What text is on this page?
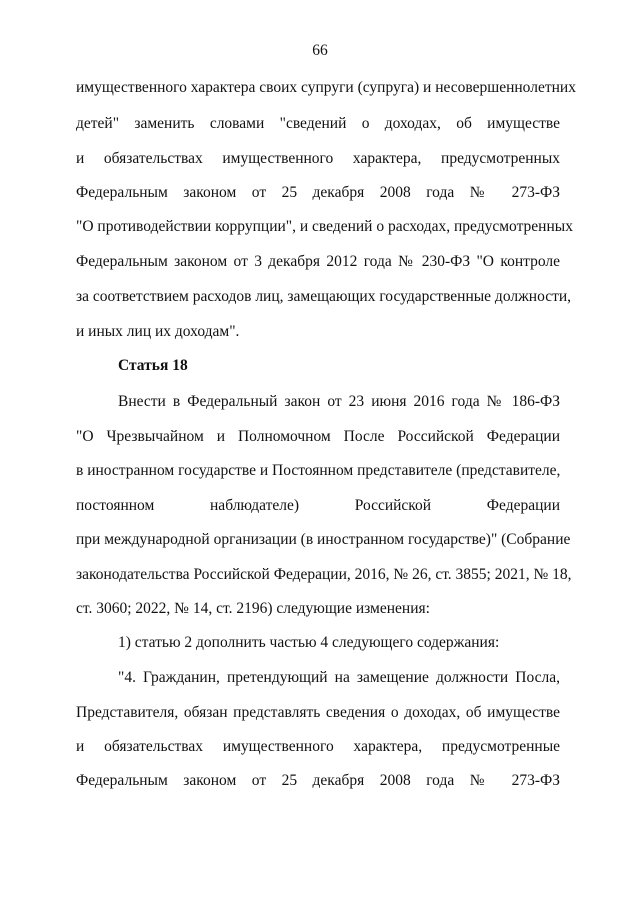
66
имущественного характера своих супруги (супруга) и несовершеннолетних
детей" заменить словами "сведений о доходах, об имуществе
и обязательствах имущественного характера, предусмотренных
Федеральным законом от 25 декабря 2008 года № 273-ФЗ
"О противодействии коррупции", и сведений о расходах, предусмотренных
Федеральным законом от 3 декабря 2012 года № 230-ФЗ "О контроле
за соответствием расходов лиц, замещающих государственные должности,
и иных лиц их доходам".
Статья 18
Внести в Федеральный закон от 23 июня 2016 года № 186-ФЗ
"О Чрезвычайном и Полномочном После Российской Федерации
в иностранном государстве и Постоянном представителе (представителе,
постоянном наблюдателе) Российской Федерации
при международной организации (в иностранном государстве)" (Собрание
законодательства Российской Федерации, 2016, № 26, ст. 3855; 2021, № 18,
ст. 3060; 2022, № 14, ст. 2196) следующие изменения:
1) статью 2 дополнить частью 4 следующего содержания:
"4. Гражданин, претендующий на замещение должности Посла,
Представителя, обязан представлять сведения о доходах, об имуществе
и обязательствах имущественного характера, предусмотренные
Федеральным законом от 25 декабря 2008 года № 273-ФЗ
